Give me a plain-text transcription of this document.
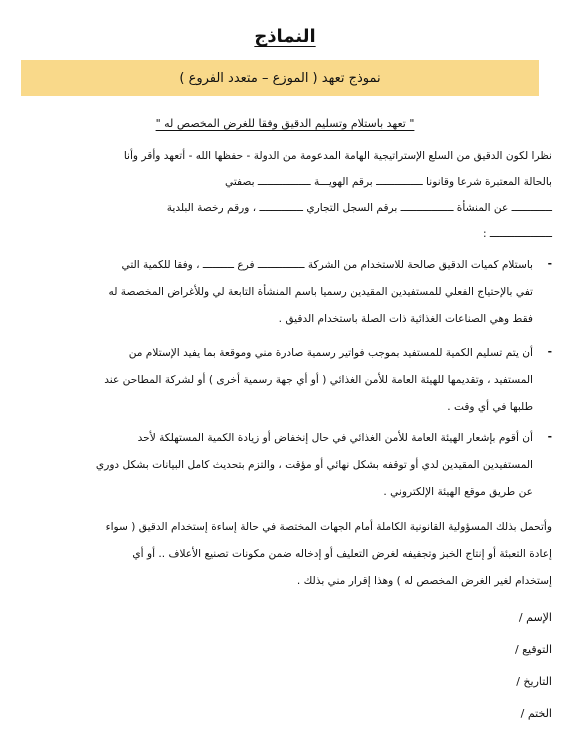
النماذج
نموذج تعهد ( الموزع – متعدد الفروع )
" تعهد باستلام وتسليم الدقيق وفقا للغرض المخصص له "
نظرا لكون الدقيق من السلع الإستراتيجية الهامة المدعومة من الدولة - حفظها الله - أتعهد وأقر وأنا
بالحالة المعتبرة شرعا وقانونا ـــــــــــــــ برقم الهويـــة ـــــــــــــــــ بصفتي
ـــــــــــــ عن المنشأة ـــــــــــــــــ برقم السجل التجاري ــــــــــــــ ، ورقم رخصة البلدية
ــــــــــــــــــــ :
-
باستلام كميات الدقيق صالحة للاستخدام من الشركة ـــــــــــــــ فرع ــــــــــ ، وفقا للكمية التي
تفي بالإحتياج الفعلي للمستفيدين المقيدين رسميا باسم المنشأة التابعة لي وللأغراض المخصصة له
فقط وهي الصناعات الغذائية ذات الصلة باستخدام الدقيق .
-
أن يتم تسليم الكمية للمستفيد بموجب فواتير رسمية صادرة مني وموقعة بما يفيد الإستلام من
المستفيد ، وتقديمها للهيئة العامة للأمن الغذائي ( أو أي جهة رسمية أخرى ) أو لشركة المطاحن عند
طلبها في أي وقت .
-
أن أقوم بإشعار الهيئة العامة للأمن الغذائي في حال إنخفاض أو زيادة الكمية المستهلكة لأحد
المستفيدين المقيدين لدي أو توقفه بشكل نهائي أو مؤقت ، والتزم بتحديث كامل البيانات بشكل دوري
عن طريق موقع الهيئة الإلكتروني .
وأتحمل بذلك المسؤولية القانونية الكاملة أمام الجهات المختصة في حالة إساءة إستخدام الدقيق ( سواء
إعادة التعبئة أو إنتاج الخبز وتجفيفه لغرض التعليف أو إدخاله ضمن مكونات تصنيع الأعلاف .. أو أي
إستخدام لغير الغرض المخصص له ) وهذا إقرار مني بذلك .
الإسم /
التوقيع /
التاريخ /
الختم /
